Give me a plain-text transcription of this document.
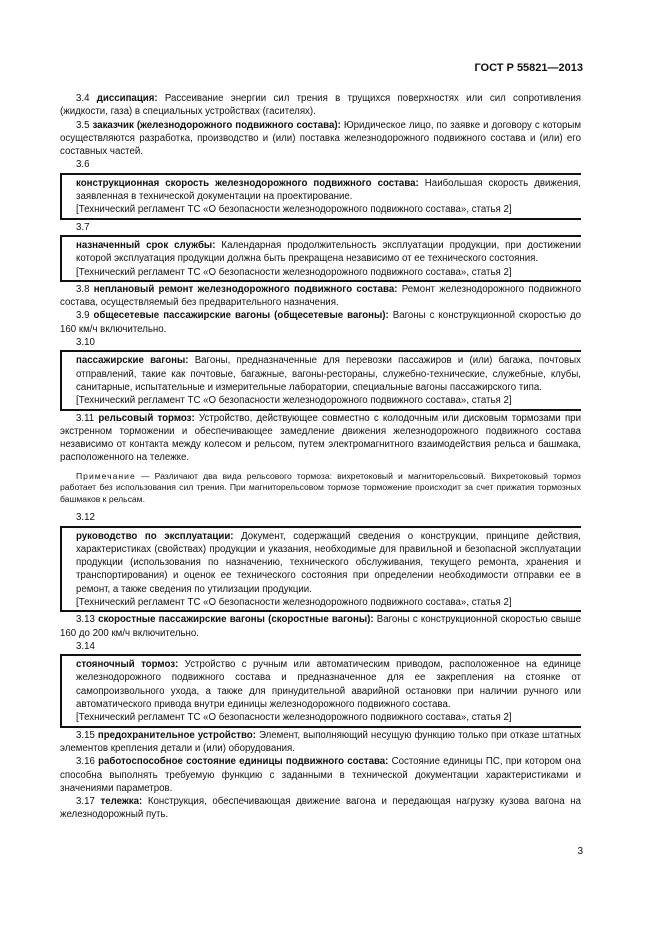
ГОСТ Р 55821—2013

3.4 диссипация: Рассеивание энергии сил трения в трущихся поверхностях или сил сопротивления (жидкости, газа) в специальных устройствах (гасителях).

3.5 заказчик (железнодорожного подвижного состава): Юридическое лицо, по заявке и договору с которым осуществляются разработка, производство и (или) поставка железнодорожного подвижного состава и (или) его составных частей.

3.6

конструкционная скорость железнодорожного подвижного состава: Наибольшая скорость движения, заявленная в технической документации на проектирование.

[Технический регламент ТС «О безопасности железнодорожного подвижного состава», статья 2]

3.7

назначенный срок службы: Календарная продолжительность эксплуатации продукции, при достижении которой эксплуатация продукции должна быть прекращена независимо от ее технического состояния.

[Технический регламент ТС «О безопасности железнодорожного подвижного состава», статья 2]

3.8 неплановый ремонт железнодорожного подвижного состава: Ремонт железнодорожного подвижного состава, осуществляемый без предварительного назначения.

3.9 общесетевые пассажирские вагоны (общесетевые вагоны): Вагоны с конструкционной скоростью до 160 км/ч включительно.

3.10

пассажирские вагоны: Вагоны, предназначенные для перевозки пассажиров и (или) багажа, почтовых отправлений, такие как почтовые, багажные, вагоны-рестораны, служебно-технические, служебные, клубы, санитарные, испытательные и измерительные лаборатории, специальные вагоны пассажирского типа.

[Технический регламент ТС «О безопасности железнодорожного подвижного состава», статья 2]

3.11 рельсовый тормоз: Устройство, действующее совместно с колодочным или дисковым тормозами при экстренном торможении и обеспечивающее замедление движения железнодорожного подвижного состава независимо от контакта между колесом и рельсом, путем электромагнитного взаимодействия рельса и башмака, расположенного на тележке.

Примечание — Различают два вида рельсового тормоза: вихретоковый и магниторельсовый. Вихретоковый тормоз работает без использования сил трения. При магниторельсовом тормозе торможение происходит за счет прижатия тормозных башмаков к рельсам.

3.12

руководство по эксплуатации: Документ, содержащий сведения о конструкции, принципе действия, характеристиках (свойствах) продукции и указания, необходимые для правильной и безопасной эксплуатации продукции (использования по назначению, технического обслуживания, текущего ремонта, хранения и транспортирования) и оценок ее технического состояния при определении необходимости отправки ее в ремонт, а также сведения по утилизации продукции.

[Технический регламент ТС «О безопасности железнодорожного подвижного состава», статья 2]

3.13 скоростные пассажирские вагоны (скоростные вагоны): Вагоны с конструкционной скоростью свыше 160 до 200 км/ч включительно.

3.14

стояночный тормоз: Устройство с ручным или автоматическим приводом, расположенное на единице железнодорожного подвижного состава и предназначенное для ее закрепления на стоянке от самопроизвольного ухода, а также для принудительной аварийной остановки при наличии ручного или автоматического привода внутри единицы железнодорожного подвижного состава.

[Технический регламент ТС «О безопасности железнодорожного подвижного состава», статья 2]

3.15 предохранительное устройство: Элемент, выполняющий несущую функцию только при отказе штатных элементов крепления детали и (или) оборудования.

3.16 работоспособное состояние единицы подвижного состава: Состояние единицы ПС, при котором она способна выполнять требуемую функцию с заданными в технической документации характеристиками и значениями параметров.

3.17 тележка: Конструкция, обеспечивающая движение вагона и передающая нагрузку кузова вагона на железнодорожный путь.

3
